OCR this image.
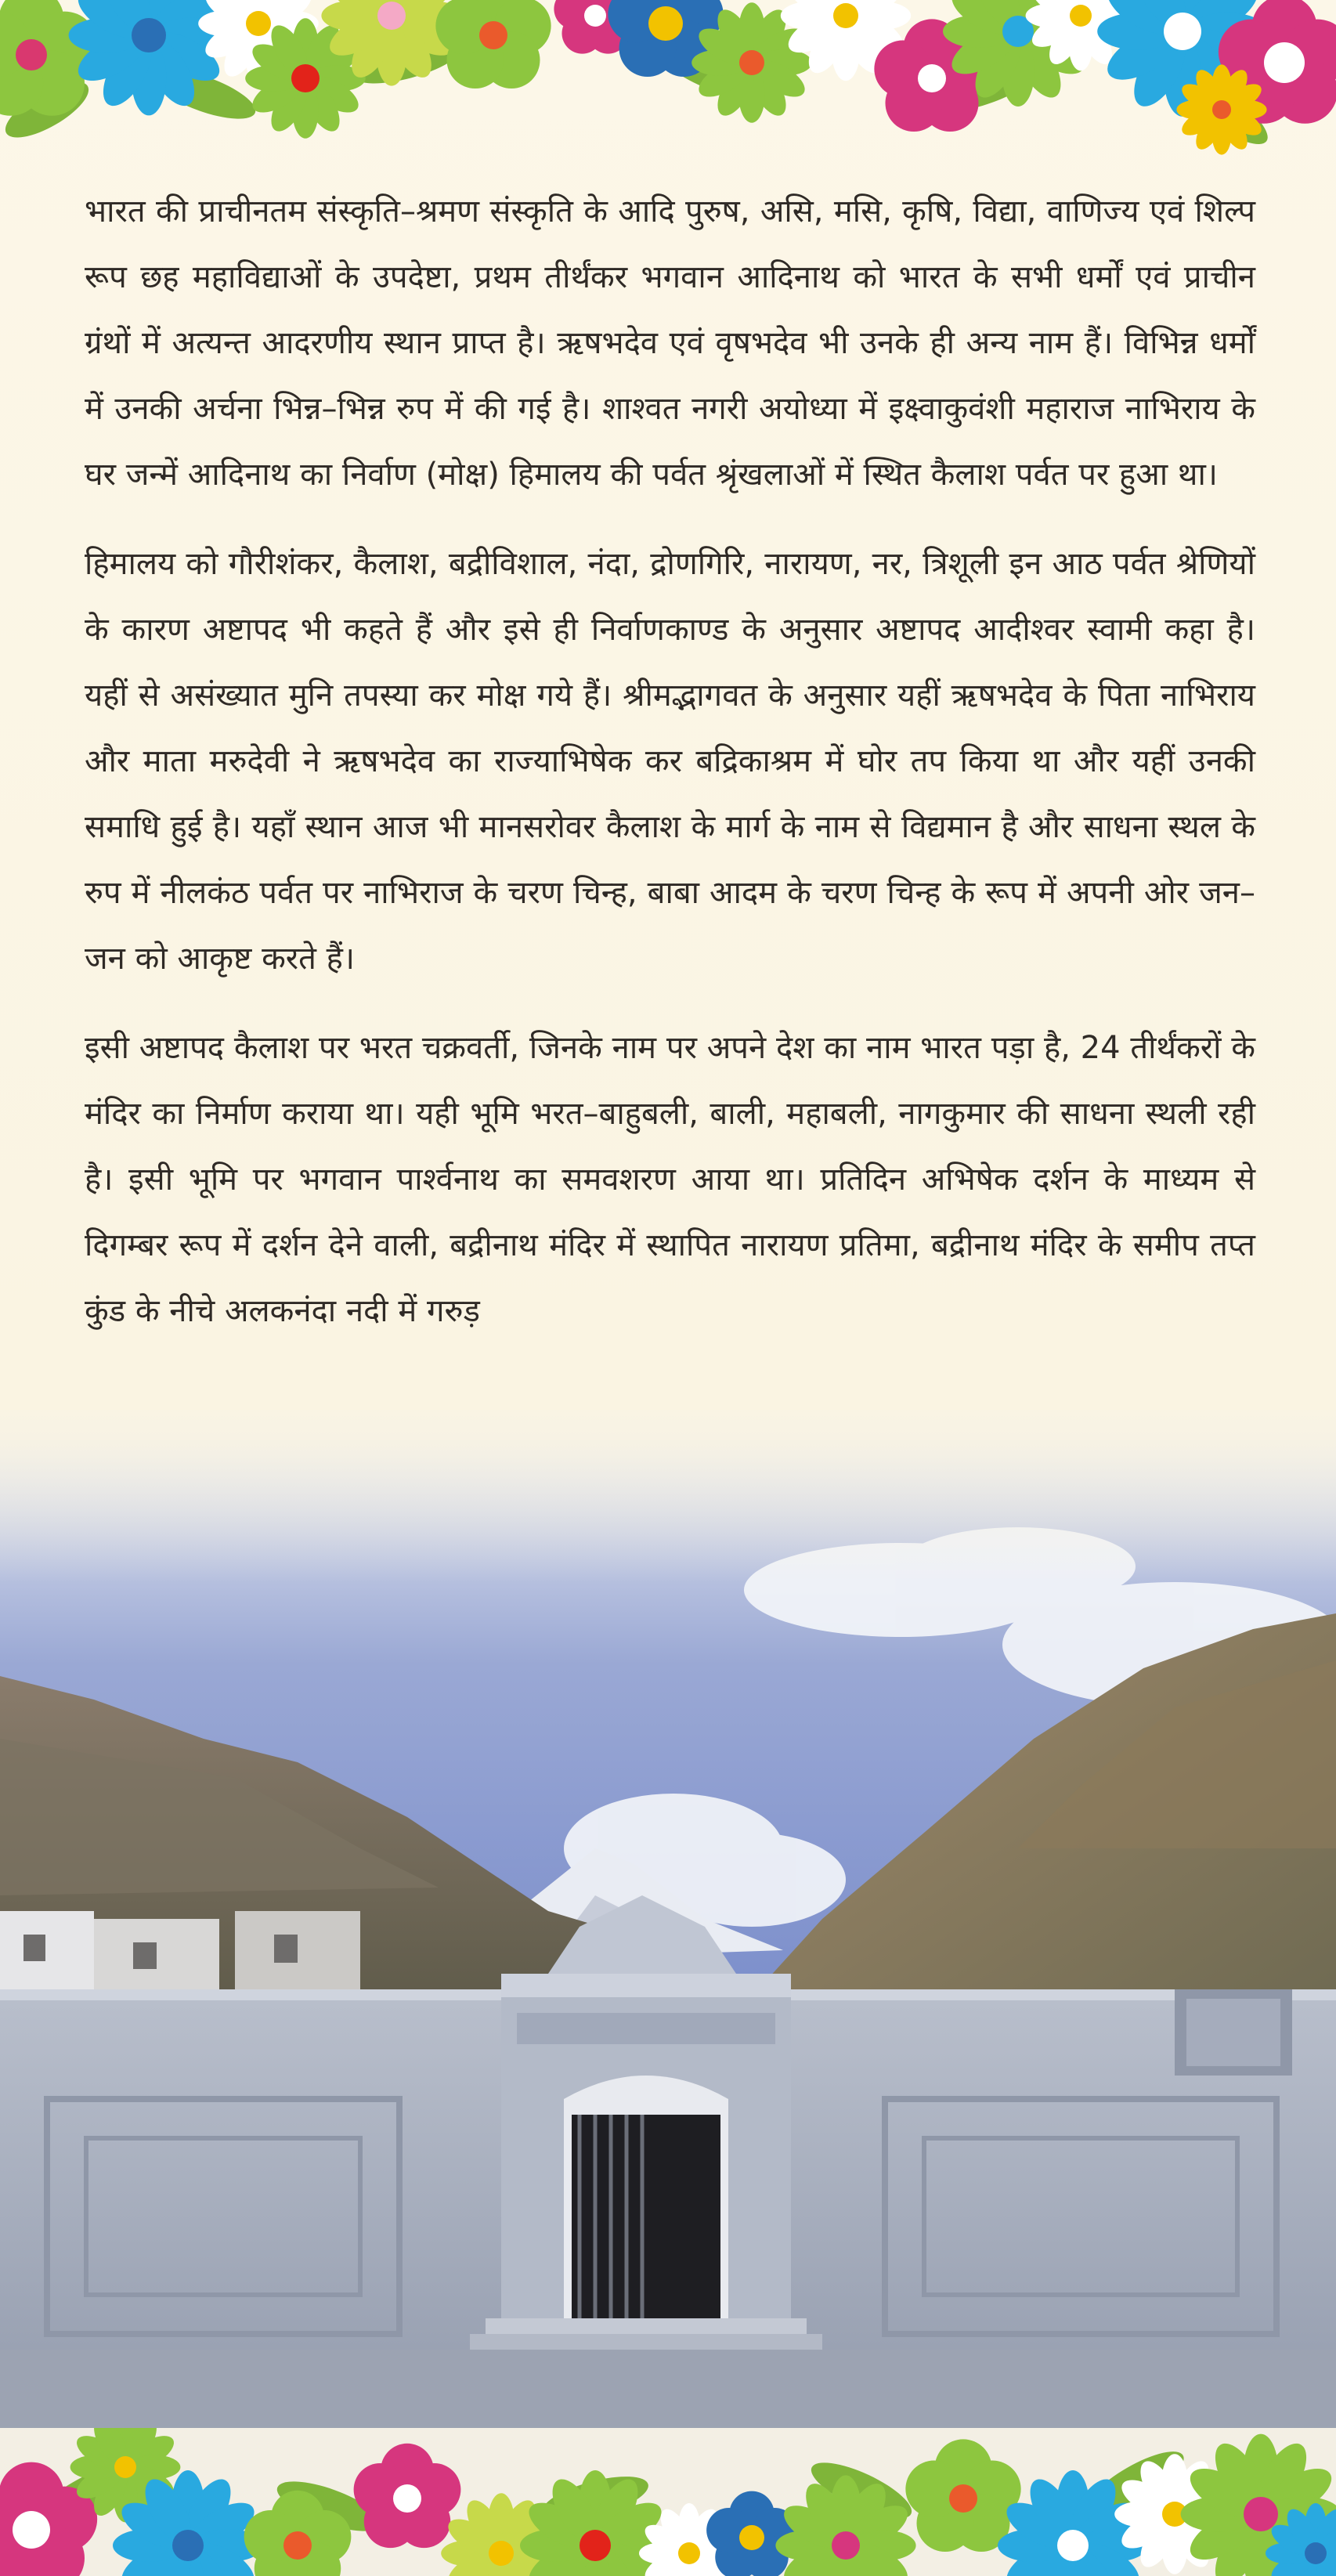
भारत की प्राचीनतम संस्कृति–श्रमण संस्कृति के आदि पुरुष, असि, मसि, कृषि, विद्या, वाणिज्य एवं शिल्प रूप छह महाविद्याओं के उपदेष्टा, प्रथम तीर्थंकर भगवान आदिनाथ को भारत के सभी धर्मों एवं प्राचीन ग्रंथों में अत्यन्त आदरणीय स्थान प्राप्त है। ऋषभदेव एवं वृषभदेव भी उनके ही अन्य नाम हैं। विभिन्न धर्मों में उनकी अर्चना भिन्न–भिन्न रुप में की गई है। शाश्वत नगरी अयोध्या में इक्ष्वाकुवंशी महाराज नाभिराय के घर जन्में आदिनाथ का निर्वाण (मोक्ष) हिमालय की पर्वत श्रृंखलाओं में स्थित कैलाश पर्वत पर हुआ था।

हिमालय को गौरीशंकर, कैलाश, बद्रीविशाल, नंदा, द्रोणगिरि, नारायण, नर, त्रिशूली इन आठ पर्वत श्रेणियों के कारण अष्टापद भी कहते हैं और इसे ही निर्वाणकाण्ड के अनुसार अष्टापद आदीश्वर स्वामी कहा है। यहीं से असंख्यात मुनि तपस्या कर मोक्ष गये हैं। श्रीमद्भागवत के अनुसार यहीं ऋषभदेव के पिता नाभिराय और माता मरुदेवी ने ऋषभदेव का राज्याभिषेक कर बद्रिकाश्रम में घोर तप किया था और यहीं उनकी समाधि हुई है। यहाँ स्थान आज भी मानसरोवर कैलाश के मार्ग के नाम से विद्यमान है और साधना स्थल के रुप में नीलकंठ पर्वत पर नाभिराज के चरण चिन्ह, बाबा आदम के चरण चिन्ह के रूप में अपनी ओर जन–जन को आकृष्ट करते हैं।

इसी अष्टापद कैलाश पर भरत चक्रवर्ती, जिनके नाम पर अपने देश का नाम भारत पड़ा है, 24 तीर्थंकरों के मंदिर का निर्माण कराया था। यही भूमि भरत–बाहुबली, बाली, महाबली, नागकुमार की साधना स्थली रही है। इसी भूमि पर भगवान पार्श्वनाथ का समवशरण आया था। प्रतिदिन अभिषेक दर्शन के माध्यम से दिगम्बर रूप में दर्शन देने वाली, बद्रीनाथ मंदिर में स्थापित नारायण प्रतिमा, बद्रीनाथ मंदिर के समीप तप्त कुंड के नीचे अलकनंदा नदी में गरुड़
